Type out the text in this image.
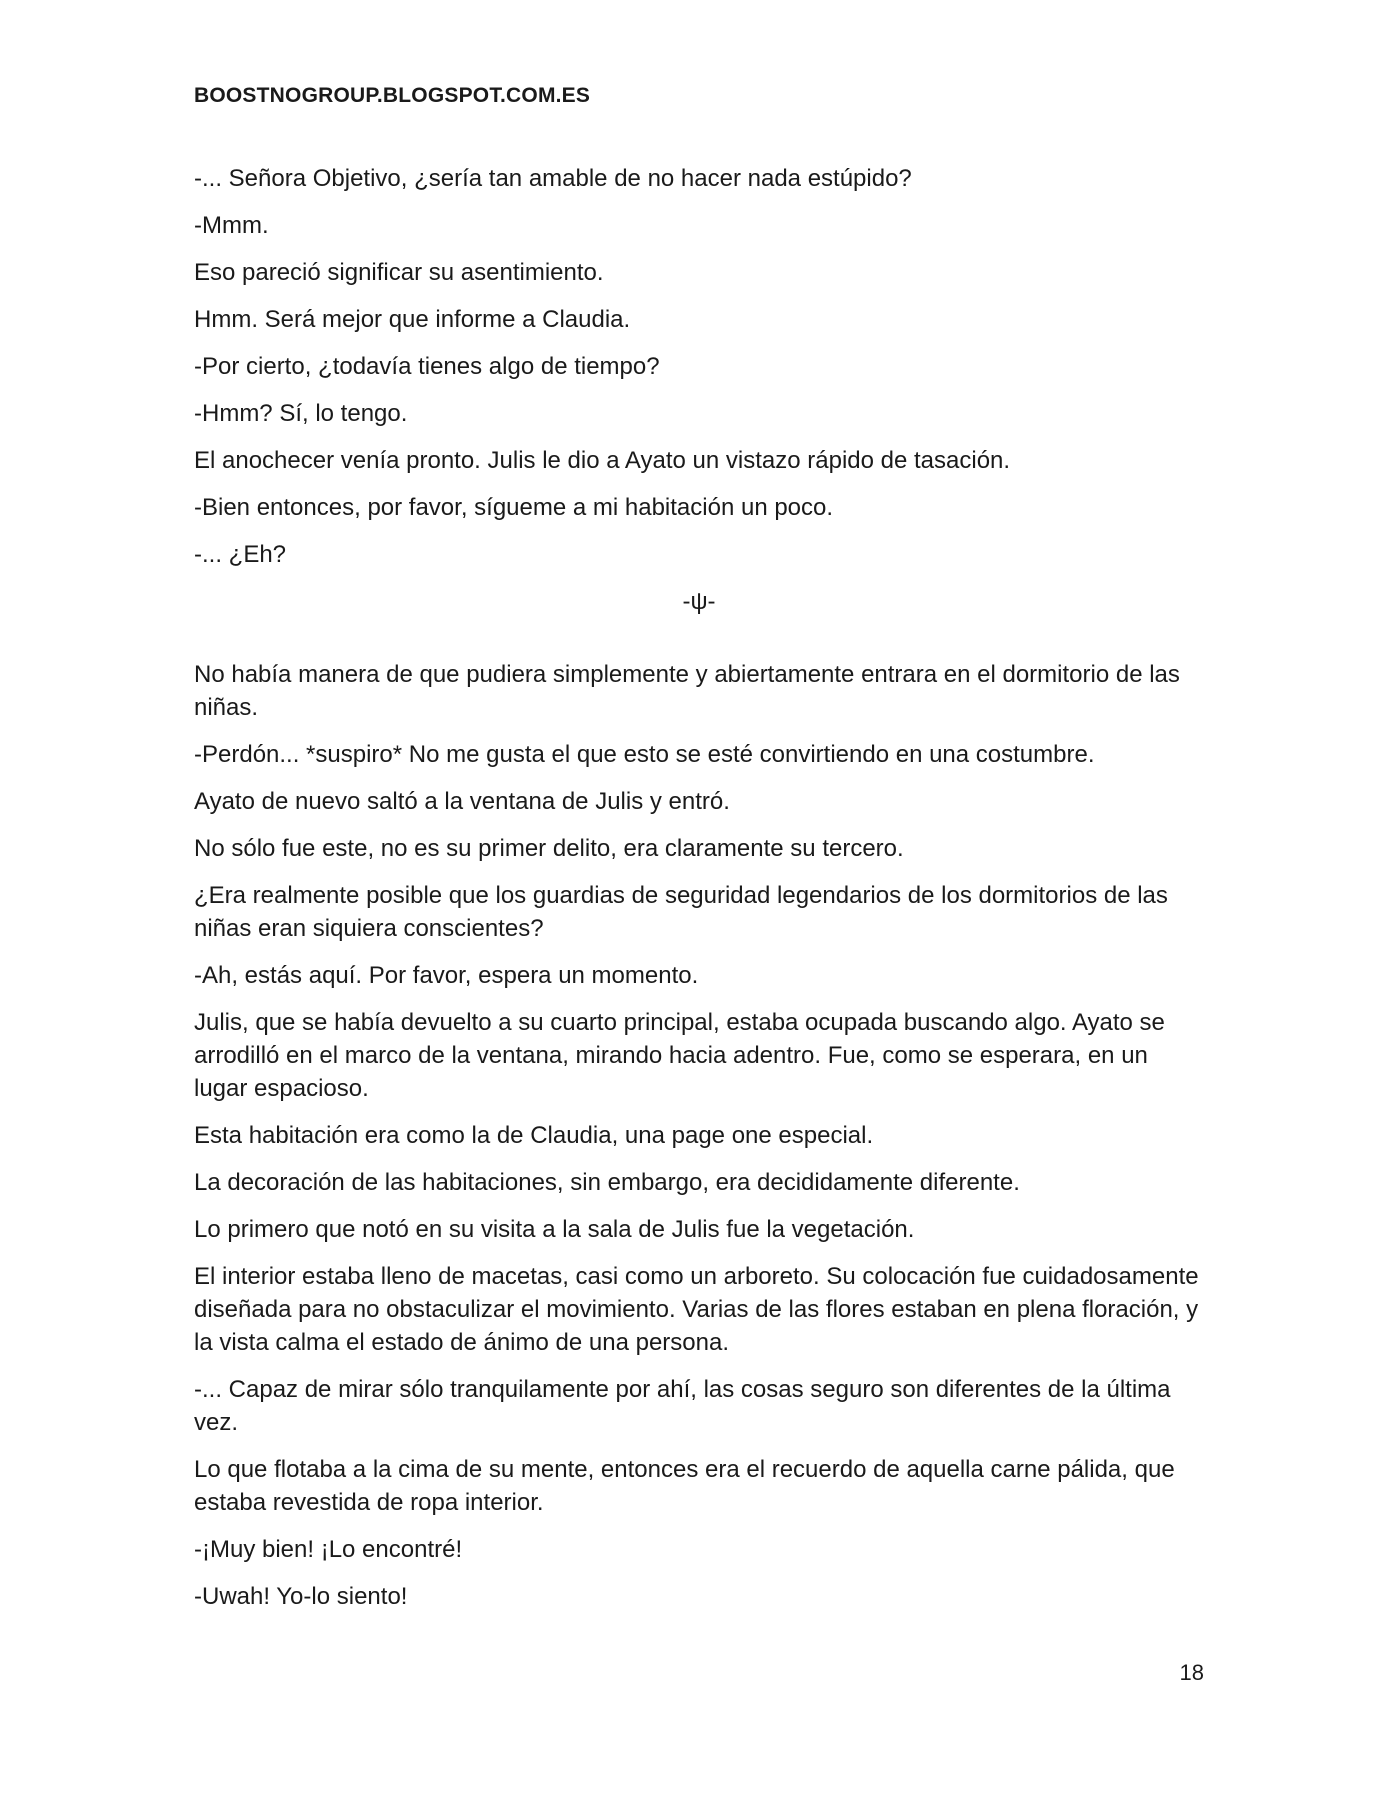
BOOSTNOGROUP.BLOGSPOT.COM.ES

-... Señora Objetivo, ¿sería tan amable de no hacer nada estúpido?

-Mmm.

Eso pareció significar su asentimiento.

Hmm. Será mejor que informe a Claudia.

-Por cierto, ¿todavía tienes algo de tiempo?

-Hmm? Sí, lo tengo.

El anochecer venía pronto. Julis le dio a Ayato un vistazo rápido de tasación.

-Bien entonces, por favor, sígueme a mi habitación un poco.

-... ¿Eh?

-ψ-

No había manera de que pudiera simplemente y abiertamente entrara en el dormitorio de las niñas.

-Perdón... *suspiro* No me gusta el que esto se esté convirtiendo en una costumbre.

Ayato de nuevo saltó a la ventana de Julis y entró.

No sólo fue este, no es su primer delito, era claramente su tercero.

¿Era realmente posible que los guardias de seguridad legendarios de los dormitorios de las niñas eran siquiera conscientes?

-Ah, estás aquí. Por favor, espera un momento.

Julis, que se había devuelto a su cuarto principal, estaba ocupada buscando algo. Ayato se arrodilló en el marco de la ventana, mirando hacia adentro. Fue, como se esperara, en un lugar espacioso.

Esta habitación era como la de Claudia, una page one especial.

La decoración de las habitaciones, sin embargo, era decididamente diferente.

Lo primero que notó en su visita a la sala de Julis fue la vegetación.

El interior estaba lleno de macetas, casi como un arboreto. Su colocación fue cuidadosamente diseñada para no obstaculizar el movimiento. Varias de las flores estaban en plena floración, y la vista calma el estado de ánimo de una persona.

-... Capaz de mirar sólo tranquilamente por ahí, las cosas seguro son diferentes de la última vez.

Lo que flotaba a la cima de su mente, entonces era el recuerdo de aquella carne pálida, que estaba revestida de ropa interior.

-¡Muy bien! ¡Lo encontré!

-Uwah! Yo-lo siento!

18
